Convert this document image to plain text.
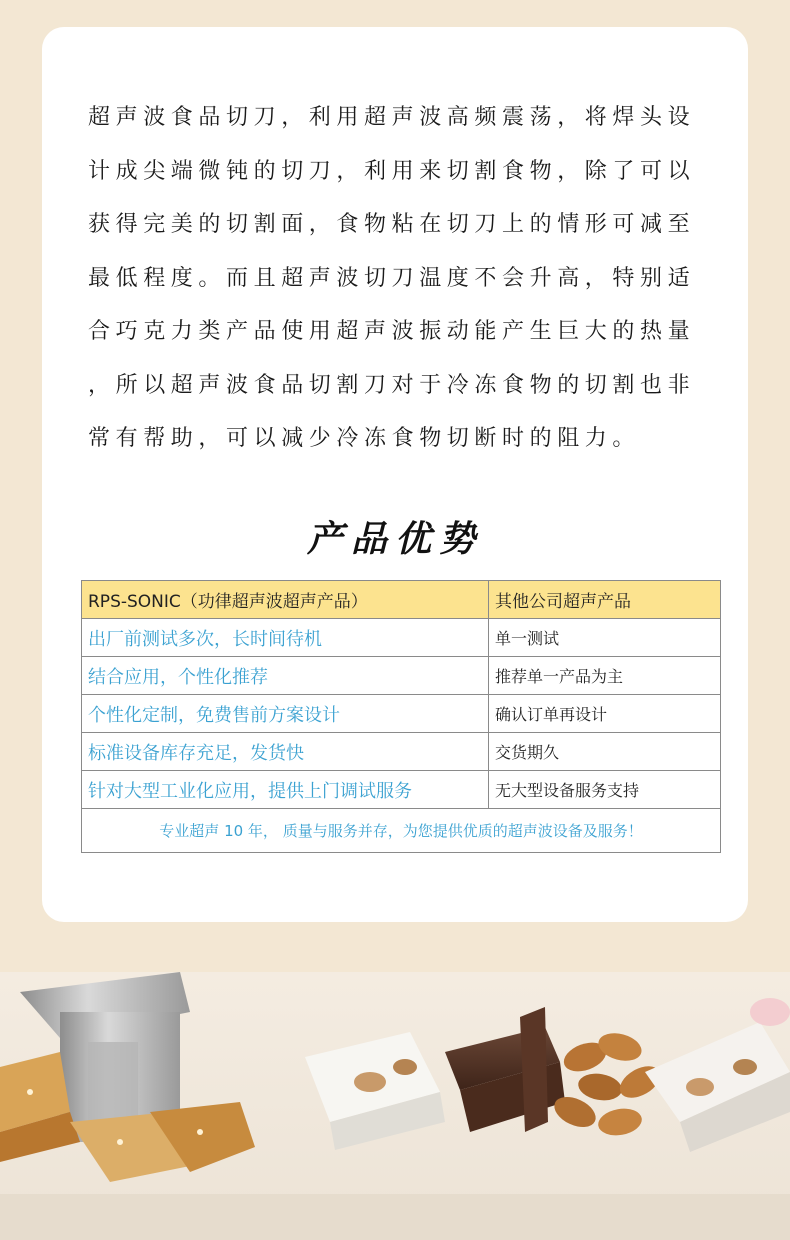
超声波食品切刀，利用超声波高频震荡，将焊头设
计成尖端微钝的切刀，利用来切割食物，除了可以
获得完美的切割面，食物粘在切刀上的情形可减至
最低程度。而且超声波切刀温度不会升高，特别适
合巧克力类产品使用超声波振动能产生巨大的热量
，所以超声波食品切割刀对于冷冻食物的切割也非
常有帮助，可以减少冷冻食物切断时的阻力。
产品优势
RPS-SONIC（功律超声波超声产品）	其他公司超声产品
出厂前测试多次，长时间待机	单一测试
结合应用，个性化推荐	推荐单一产品为主
个性化定制，免费售前方案设计	确认订单再设计
标准设备库存充足，发货快	交货期久
针对大型工业化应用，提供上门调试服务	无大型设备服务支持
专业超声 10 年， 质量与服务并存，为您提供优质的超声波设备及服务！	
